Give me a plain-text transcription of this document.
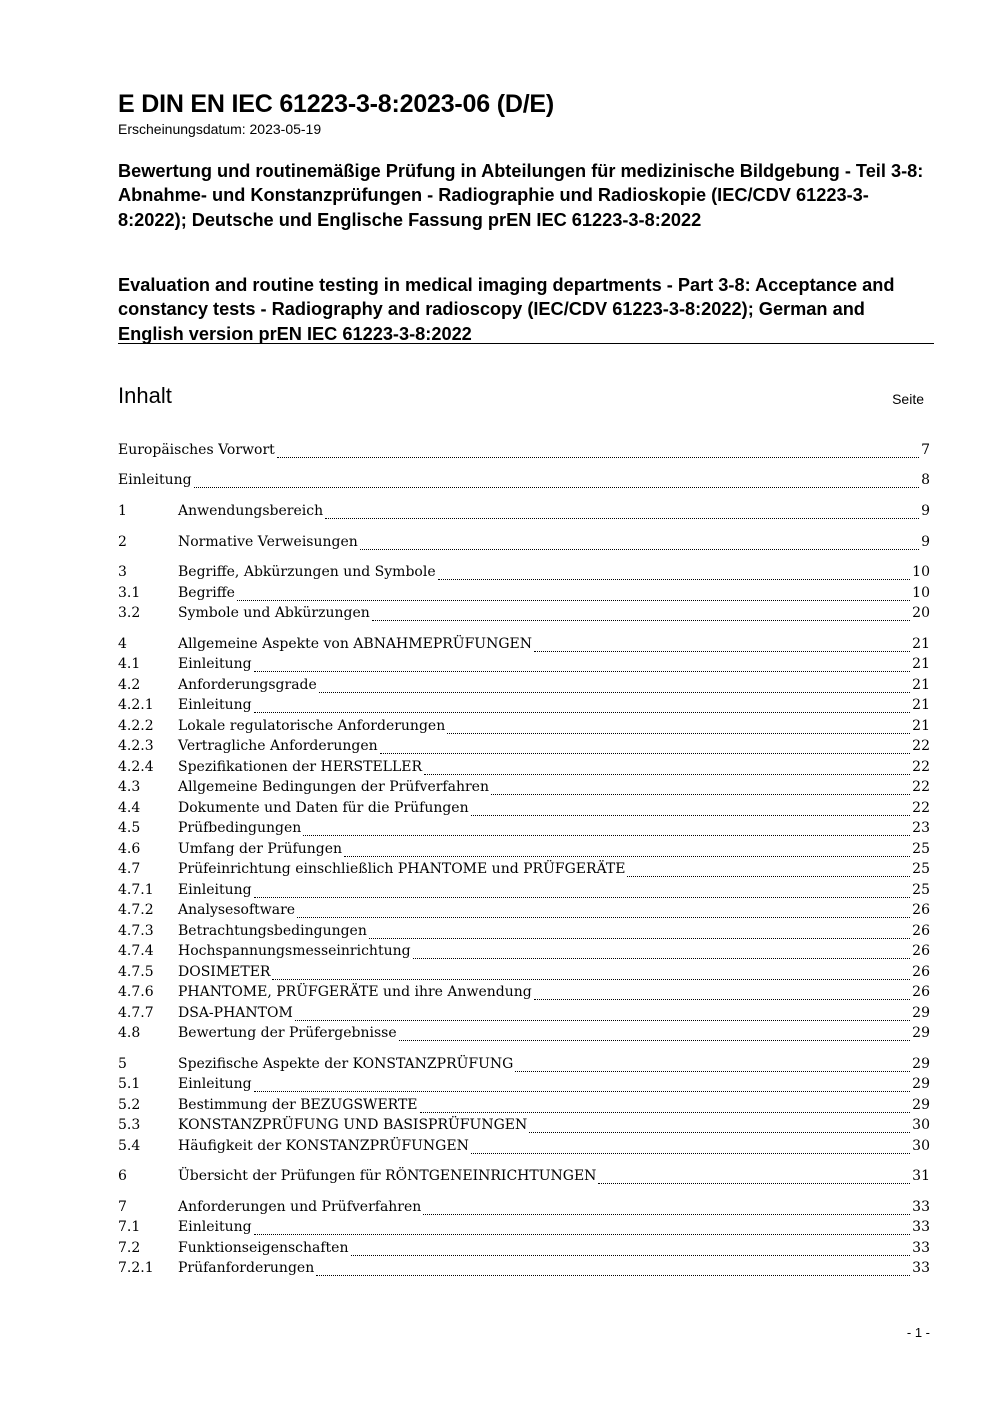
E DIN EN IEC 61223-3-8:2023-06 (D/E)
Erscheinungsdatum: 2023-05-19
Bewertung und routinemäßige Prüfung in Abteilungen für medizinische Bildgebung - Teil 3-8: Abnahme- und Konstanzprüfungen - Radiographie und Radioskopie (IEC/CDV 61223-3-8:2022); Deutsche und Englische Fassung prEN IEC 61223-3-8:2022
Evaluation and routine testing in medical imaging departments - Part 3-8: Acceptance and constancy tests - Radiography and radioscopy (IEC/CDV 61223-3-8:2022); German and English version prEN IEC 61223-3-8:2022
Inhalt	Seite
Europäisches Vorwort	7
Einleitung	8
1	Anwendungsbereich	9
2	Normative Verweisungen	9
3	Begriffe, Abkürzungen und Symbole	10
3.1	Begriffe	10
3.2	Symbole und Abkürzungen	20
4	Allgemeine Aspekte von ABNAHMEPRÜFUNGEN	21
4.1	Einleitung	21
4.2	Anforderungsgrade	21
4.2.1	Einleitung	21
4.2.2	Lokale regulatorische Anforderungen	21
4.2.3	Vertragliche Anforderungen	22
4.2.4	Spezifikationen der HERSTELLER	22
4.3	Allgemeine Bedingungen der Prüfverfahren	22
4.4	Dokumente und Daten für die Prüfungen	22
4.5	Prüfbedingungen	23
4.6	Umfang der Prüfungen	25
4.7	Prüfeinrichtung einschließlich PHANTOME und PRÜFGERÄTE	25
4.7.1	Einleitung	25
4.7.2	Analysesoftware	26
4.7.3	Betrachtungsbedingungen	26
4.7.4	Hochspannungsmesseinrichtung	26
4.7.5	DOSIMETER	26
4.7.6	PHANTOME, PRÜFGERÄTE und ihre Anwendung	26
4.7.7	DSA-PHANTOM	29
4.8	Bewertung der Prüfergebnisse	29
5	Spezifische Aspekte der KONSTANZPRÜFUNG	29
5.1	Einleitung	29
5.2	Bestimmung der BEZUGSWERTE	29
5.3	KONSTANZPRÜFUNG UND BASISPRÜFUNGEN	30
5.4	Häufigkeit der KONSTANZPRÜFUNGEN	30
6	Übersicht der Prüfungen für RÖNTGENEINRICHTUNGEN	31
7	Anforderungen und Prüfverfahren	33
7.1	Einleitung	33
7.2	Funktionseigenschaften	33
7.2.1	Prüfanforderungen	33
- 1 -
